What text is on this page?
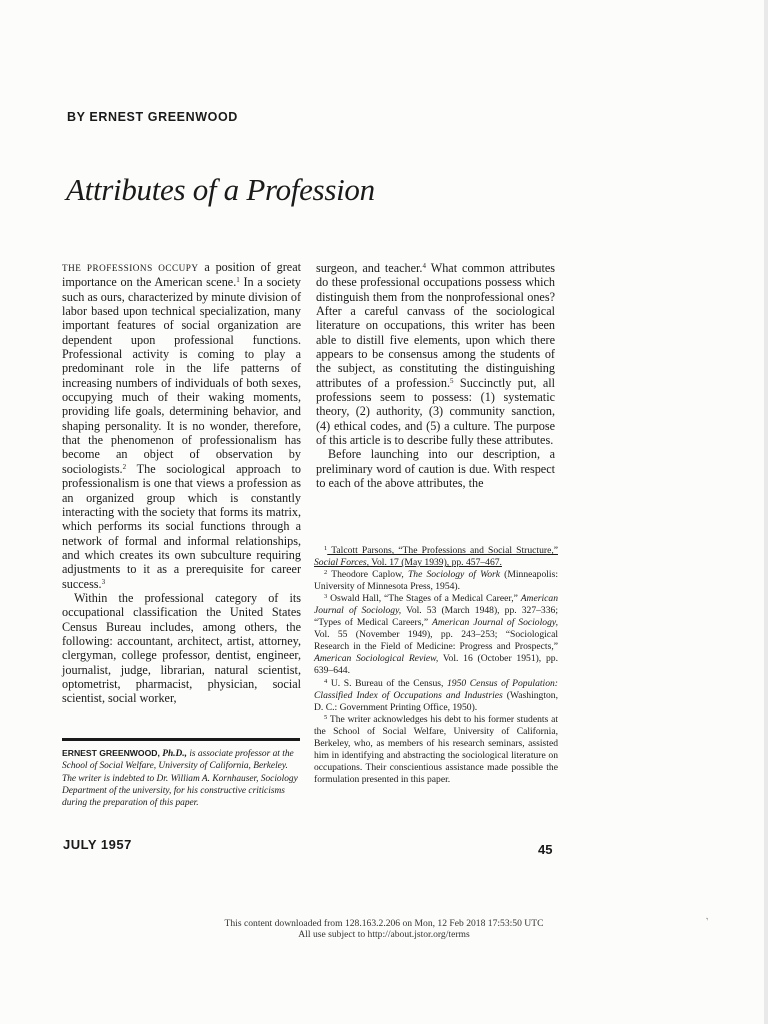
BY ERNEST GREENWOOD
Attributes of a Profession

THE PROFESSIONS OCCUPY a position of great importance on the American scene.$^1$ In a society such as ours, characterized by minute division of labor based upon technical specialization, many important features of social organization are dependent upon professional functions. Professional activity is coming to play a predominant role in the life patterns of increasing numbers of individuals of both sexes, occupying much of their waking moments, providing life goals, determining behavior, and shaping personality. It is no wonder, therefore, that the phenomenon of professionalism has become an object of observation by sociologists.$^2$ The sociological approach to professionalism is one that views a profession as an organized group which is constantly interacting with the society that forms its matrix, which performs its social functions through a network of formal and informal relationships, and which creates its own subculture requiring adjustments to it as a prerequisite for career success.$^3$

Within the professional category of its occupational classification the United States Census Bureau includes, among others, the following: accountant, architect, artist, attorney, clergyman, college professor, dentist, engineer, journalist, judge, librarian, natural scientist, optometrist, pharmacist, physician, social scientist, social worker,

surgeon, and teacher.$^4$ What common attributes do these professional occupations possess which distinguish them from the nonprofessional ones? After a careful canvass of the sociological literature on occupations, this writer has been able to distill five elements, upon which there appears to be consensus among the students of the subject, as constituting the distinguishing attributes of a profession.$^5$ Succinctly put, all professions seem to possess: (1) systematic theory, (2) authority, (3) community sanction, (4) ethical codes, and (5) a culture. The purpose of this article is to describe fully these attributes.

Before launching into our description, a preliminary word of caution is due. With respect to each of the above attributes, the

$^1$ Talcott Parsons, “The Professions and Social Structure,” Social Forces, Vol. 17 (May 1939), pp. 457–467.

$^2$ Theodore Caplow, The Sociology of Work (Minneapolis: University of Minnesota Press, 1954).

$^3$ Oswald Hall, “The Stages of a Medical Career,” American Journal of Sociology, Vol. 53 (March 1948), pp. 327–336; “Types of Medical Careers,” American Journal of Sociology, Vol. 55 (November 1949), pp. 243–253; “Sociological Research in the Field of Medicine: Progress and Prospects,” American Sociological Review, Vol. 16 (October 1951), pp. 639–644.

$^4$ U. S. Bureau of the Census, 1950 Census of Population: Classified Index of Occupations and Industries (Washington, D. C.: Government Printing Office, 1950).

$^5$ The writer acknowledges his debt to his former students at the School of Social Welfare, University of California, Berkeley, who, as members of his research seminars, assisted him in identifying and abstracting the sociological literature on occupations. Their conscientious assistance made possible the formulation presented in this paper.

ERNEST GREENWOOD, Ph.D., is associate professor at the School of Social Welfare, University of California, Berkeley. The writer is indebted to Dr. William A. Kornhauser, Sociology Department of the university, for his constructive criticisms during the preparation of this paper.
JULY 1957	45
This content downloaded from 128.163.2.206 on Mon, 12 Feb 2018 17:53:50 UTC
All use subject to http://about.jstor.org/terms
ʼ
